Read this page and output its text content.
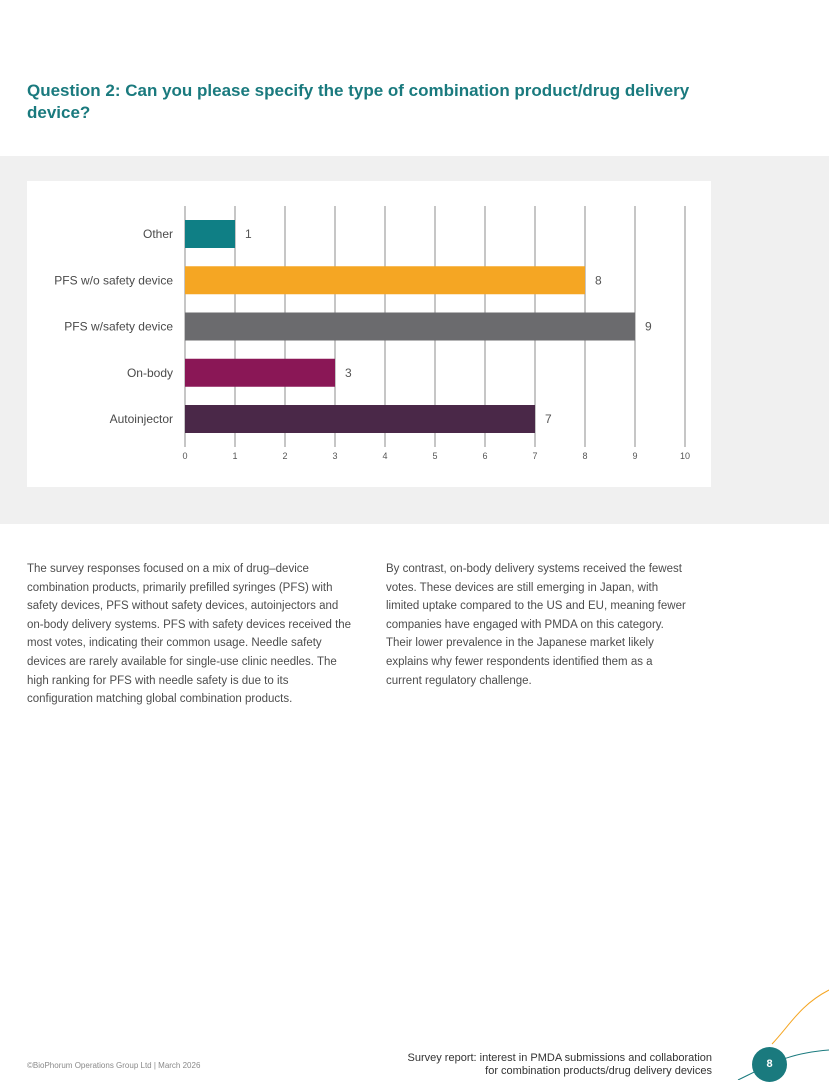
Question 2: Can you please specify the type of combination product/drug delivery device?
0	1	2	3	4	5	6	7	8	9	10
Other	1
PFS w/o safety device	8
PFS w/safety device	9
On-body	3
Autoinjector	7

The survey responses focused on a mix of drug–device combination products, primarily prefilled syringes (PFS) with safety devices, PFS without safety devices, autoinjectors and on-body delivery systems. PFS with safety devices received the most votes, indicating their common usage. Needle safety devices are rarely available for single-use clinic needles. The high ranking for PFS with needle safety is due to its configuration matching global combination products.

By contrast, on-body delivery systems received the fewest votes. These devices are still emerging in Japan, with limited uptake compared to the US and EU, meaning fewer companies have engaged with PMDA on this category. Their lower prevalence in the Japanese market likely explains why fewer respondents identified them as a current regulatory challenge.

©BioPhorum Operations Group Ltd | March 2026
Survey report: interest in PMDA submissions and collaboration
for combination products/drug delivery devices
8
